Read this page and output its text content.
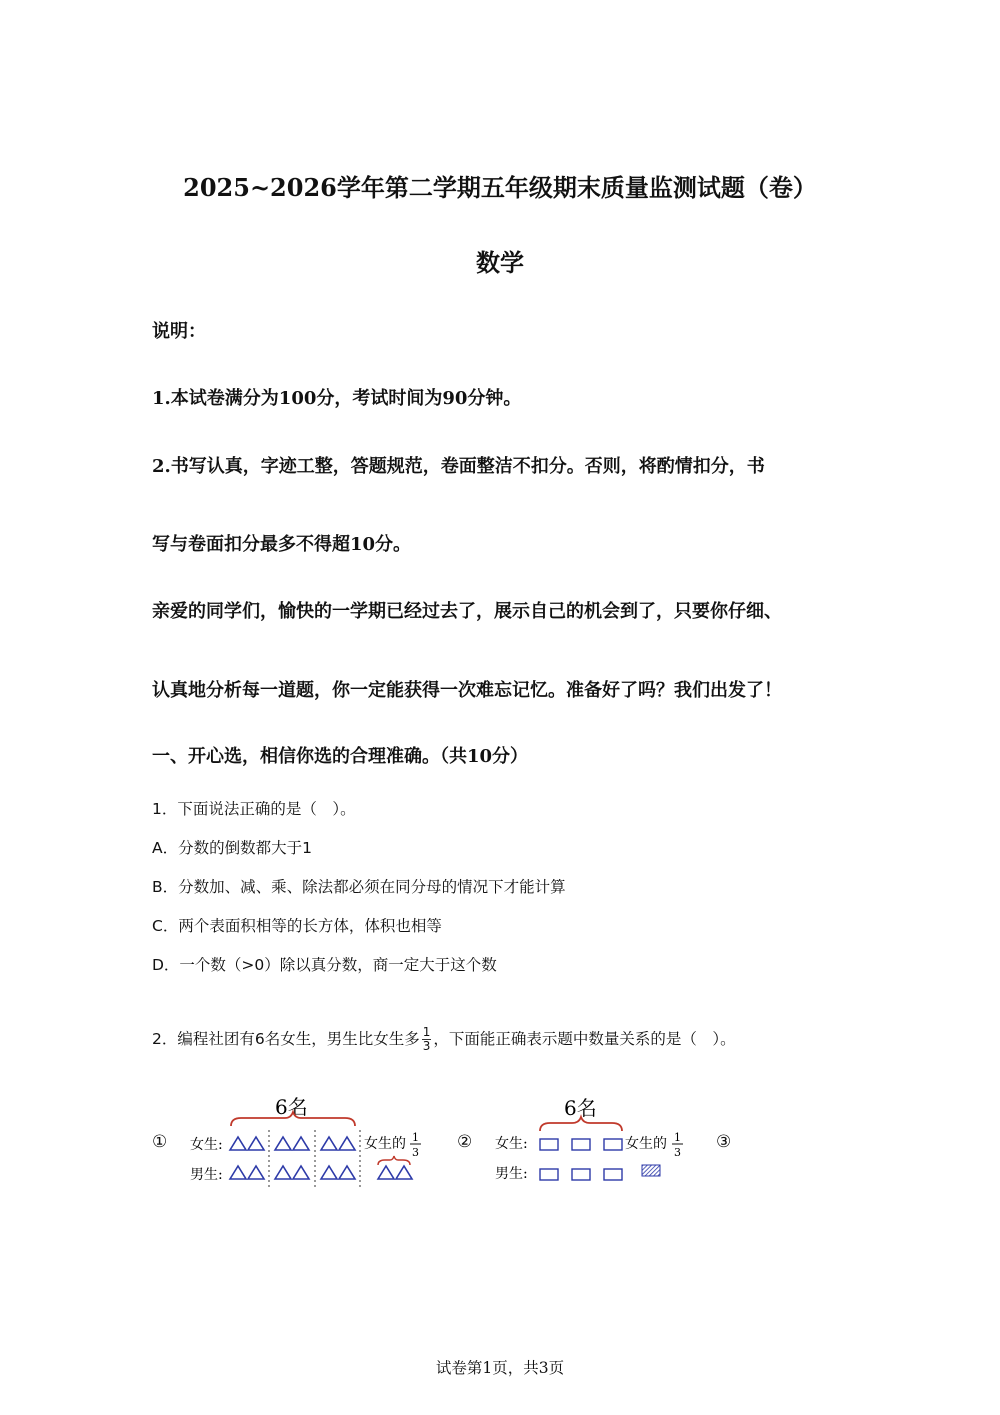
2025~2026学年第二学期五年级期末质量监测试题（卷）
数学
说明：
1.本试卷满分为100分，考试时间为90分钟。
2.书写认真，字迹工整，答题规范，卷面整洁不扣分。否则，将酌情扣分，书
写与卷面扣分最多不得超10分。
亲爱的同学们，愉快的一学期已经过去了，展示自己的机会到了，只要你仔细、
认真地分析每一道题，你一定能获得一次难忘记忆。准备好了吗？我们出发了！
一、开心选，相信你选的合理准确。（共10分）
1．下面说法正确的是（　）。
A．分数的倒数都大于1
B．分数加、减、乘、除法都必须在同分母的情况下才能计算
C．两个表面积相等的长方体，体积也相等
D．一个数（>0）除以真分数，商一定大于这个数
2．编程社团有6名女生，男生比女生多 $\frac{1}{3}$ ，下面能正确表示题中数量关系的是（　）。
①	②	③
6名
女生:
男生:
女生的 1
3
6名
女生:
男生:
女生的 1
3
试卷第1页，共3页
